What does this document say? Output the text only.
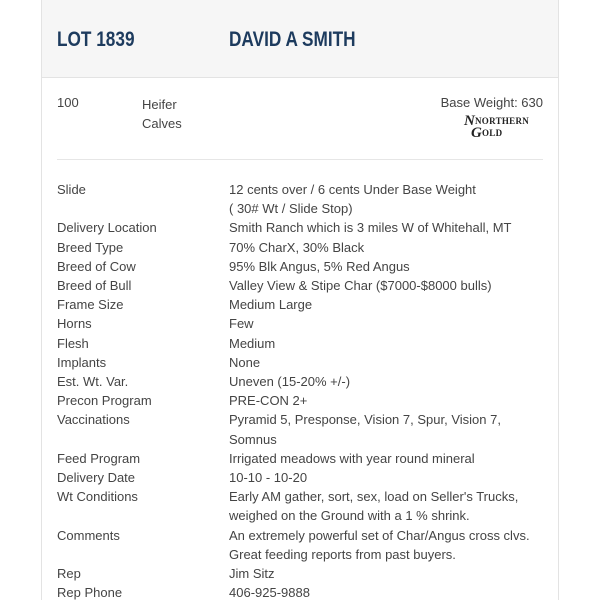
LOT 1839	DAVID A SMITH
100	Heifer Calves
Base Weight: 630
N NORTHERN
G OLD
Slide	12 cents over / 6 cents Under Base Weight
( 30# Wt / Slide Stop)
Delivery Location	Smith Ranch which is 3 miles W of Whitehall, MT
Breed Type	70% CharX, 30% Black
Breed of Cow	95% Blk Angus, 5% Red Angus
Breed of Bull	Valley View & Stipe Char ($7000-$8000 bulls)
Frame Size	Medium Large
Horns	Few
Flesh	Medium
Implants	None
Est. Wt. Var.	Uneven (15-20% +/-)
Precon Program	PRE-CON 2+
Vaccinations	Pyramid 5, Presponse, Vision 7, Spur, Vision 7,
Somnus
Feed Program	Irrigated meadows with year round mineral
Delivery Date	10-10 - 10-20
Wt Conditions	Early AM gather, sort, sex, load on Seller's Trucks,
weighed on the Ground with a 1 % shrink.
Comments	An extremely powerful set of Char/Angus cross clvs.
Great feeding reports from past buyers.
Rep	Jim Sitz
Rep Phone	406-925-9888
